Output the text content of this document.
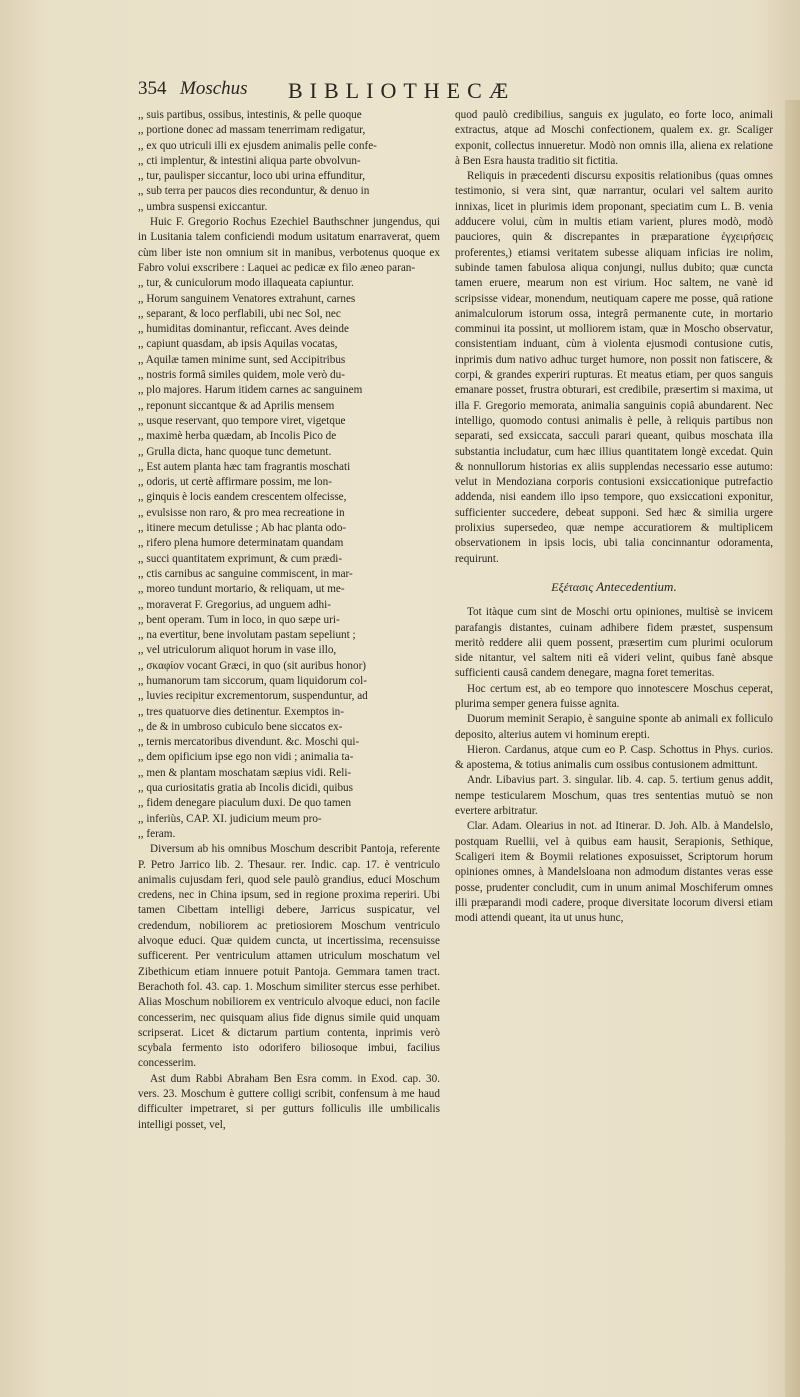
354 Moschus BIBLIOTHECÆ

,, suis partibus, ossibus, intestinis, & pelle quoque
,, portione donec ad massam tenerrimam redigatur,
,, ex quo utriculi illi ex ejusdem animalis pelle confe-
,, cti implentur, & intestini aliqua parte obvolvun-
,, tur, paulisper siccantur, loco ubi urina effunditur,
,, sub terra per paucos dies reconduntur, & denuo in
,, umbra suspensi exiccantur.

Huic F. Gregorio Rochus Ezechiel Bauthschner jungendus, qui in Lusitania talem conficiendi modum usitatum enarraverat, quem cùm liber iste non omnium sit in manibus, verbotenus quoque ex Fabro volui exscribere : Laquei ac pedicæ ex filo æneo paran-

,, tur, & cuniculorum modo illaqueata capiuntur.
,, Horum sanguinem Venatores extrahunt, carnes
,, separant, & loco perflabili, ubi nec Sol, nec
,, humiditas dominantur, reficcant. Aves deinde
,, capiunt quasdam, ab ipsis Aquilas vocatas,
,, Aquilæ tamen minime sunt, sed Accipitribus
,, nostris formâ similes quidem, mole verò du-
,, plo majores. Harum itidem carnes ac sanguinem
,, reponunt siccantque & ad Aprilis mensem
,, usque reservant, quo tempore viret, vigetque
,, maximè herba quædam, ab Incolis Pico de
,, Grulla dicta, hanc quoque tunc demetunt.
,, Est autem planta hæc tam fragrantis moschati
,, odoris, ut certè affirmare possim, me lon-
,, ginquis è locis eandem crescentem olfecisse,
,, evulsisse non raro, & pro mea recreatione in
,, itinere mecum detulisse ; Ab hac planta odo-
,, rifero plena humore determinatam quandam
,, succi quantitatem exprimunt, & cum prædi-
,, ctis carnibus ac sanguine commiscent, in mar-
,, moreo tundunt mortario, & reliquam, ut me-
,, moraverat F. Gregorius, ad unguem adhi-
,, bent operam. Tum in loco, in quo sæpe uri-
,, na evertitur, bene involutam pastam sepeliunt ;
,, vel utriculorum aliquot horum in vase illo,
,, σκαφίον vocant Græci, in quo (sit auribus honor)
,, humanorum tam siccorum, quam liquidorum col-
,, luvies recipitur excrementorum, suspenduntur, ad
,, tres quatuorve dies detinentur. Exemptos in-
,, de & in umbroso cubiculo bene siccatos ex-
,, ternis mercatoribus divendunt. &c. Moschi qui-
,, dem opificium ipse ego non vidi ; animalia ta-
,, men & plantam moschatam sæpius vidi. Reli-
,, qua curiositatis gratia ab Incolis dicidi, quibus
,, fidem denegare piaculum duxi. De quo tamen
,, inferiùs, CAP. XI. judicium meum pro-
,, feram.

Diversum ab his omnibus Moschum describit Pantoja, referente P. Petro Jarrico lib. 2. Thesaur. rer. Indic. cap. 17. è ventriculo animalis cujusdam feri, quod sele paulò grandius, educi Moschum credens, nec in China ipsum, sed in regione proxima reperiri. Ubi tamen Cibettam intelligi debere, Jarricus suspicatur, vel credendum, nobiliorem ac pretiosiorem Moschum ventriculo alvoque educi. Quæ quidem cuncta, ut incertissima, recensuisse sufficerent. Per ventriculum attamen utriculum moschatum vel Zibethicum etiam innuere potuit Pantoja. Gemmara tamen tract. Berachoth fol. 43. cap. 1. Moschum similiter stercus esse perhibet. Alias Moschum nobiliorem ex ventriculo alvoque educi, non facile concesserim, nec quisquam alius fide dignus simile quid unquam scripserat. Licet & dictarum partium contenta, inprimis verò scybala fermento isto odorifero biliosoque imbui, facilius concesserim.

Ast dum Rabbi Abraham Ben Esra comm. in Exod. cap. 30. vers. 23. Moschum è guttere colligi scribit, confensum à me haud difficulter impetraret, si per gutturs folliculis ille umbilicalis intelligi posset, vel,

quod paulò credibilius, sanguis ex jugulato, eo forte loco, animali extractus, atque ad Moschi confectionem, qualem ex. gr. Scaliger exponit, collectus innueretur. Modò non omnis illa, aliena ex relatione à Ben Esra hausta traditio sit fictitia.

Reliquis in præcedenti discursu expositis relationibus (quas omnes testimonio, si vera sint, quæ narrantur, oculari vel saltem aurito innixas, licet in plurimis idem proponant, speciatim cum L. B. venia adducere volui, cùm in multis etiam varient, plures modò, modò pauciores, quin & discrepantes in præparatione ἐγχειρήσεις proferentes,) etiamsi veritatem subesse aliquam inficias ire nolim, subinde tamen fabulosa aliqua conjungi, nullus dubito; quæ cuncta tamen eruere, mearum non est virium. Hoc saltem, ne vanè id scripsisse videar, monendum, neutiquam capere me posse, quâ ratione animalculorum istorum ossa, integrâ permanente cute, in mortario comminui ita possint, ut molliorem istam, quæ in Moscho observatur, consistentiam induant, cùm à violenta ejusmodi contusione cutis, inprimis dum nativo adhuc turget humore, non possit non fatiscere, & corpi, & grandes experiri rupturas. Et meatus etiam, per quos sanguis emanare posset, frustra obturari, est credibile, præsertim si maxima, ut illa F. Gregorio memorata, animalia sanguinis copiâ abundarent. Nec intelligo, quomodo contusi animalis è pelle, à reliquis partibus non separati, sed exsiccata, sacculi parari queant, quibus moschata illa substantia includatur, cum hæc illius quantitatem longè excedat. Quin & nonnullorum historias ex aliis supplendas necessario esse autumo: velut in Mendoziana corporis contusioni exsiccationique putrefactio addenda, nisi eandem illo ipso tempore, quo exsiccationi exponitur, sufficienter succedere, debeat supponi. Sed hæc & similia urgere prolixius supersedeo, quæ nempe accuratiorem & multiplicem observationem in ipsis locis, ubi talia concinnantur odoramenta, requirunt.

Εξέτασις Antecedentium.

Tot itàque cum sint de Moschi ortu opiniones, multisè se invicem parafangis distantes, cuinam adhibere fidem præstet, suspensum meritò reddere alii quem possent, præsertim cum plurimi oculorum side nitantur, vel saltem niti eâ videri velint, quibus fanè absque sufficienti causâ candem denegare, magna foret temeritas.

Hoc certum est, ab eo tempore quo innotescere Moschus ceperat, plurima semper genera fuisse agnita.

Duorum meminit Serapio, è sanguine sponte ab animali ex folliculo deposito, alterius autem vi hominum erepti.

Hieron. Cardanus, atque cum eo P. Casp. Schottus in Phys. curios. & apostema, & totius animalis cum ossibus contusionem admittunt.

Andr. Libavius part. 3. singular. lib. 4. cap. 5. tertium genus addit, nempe testicularem Moschum, quas tres sententias mutuò se non evertere arbitratur.

Clar. Adam. Olearius in not. ad Itinerar. D. Joh. Alb. à Mandelslo, postquam Ruellii, vel à quibus eam hausit, Serapionis, Sethique, Scaligeri item & Boymii relationes exposuisset, Scriptorum horum opiniones omnes, à Mandelsloana non admodum distantes veras esse posse, prudenter concludit, cum in unum animal Moschiferum omnes illi præparandi modi cadere, proque diversitate locorum diversi etiam modi attendi queant, ita ut unus hunc,
